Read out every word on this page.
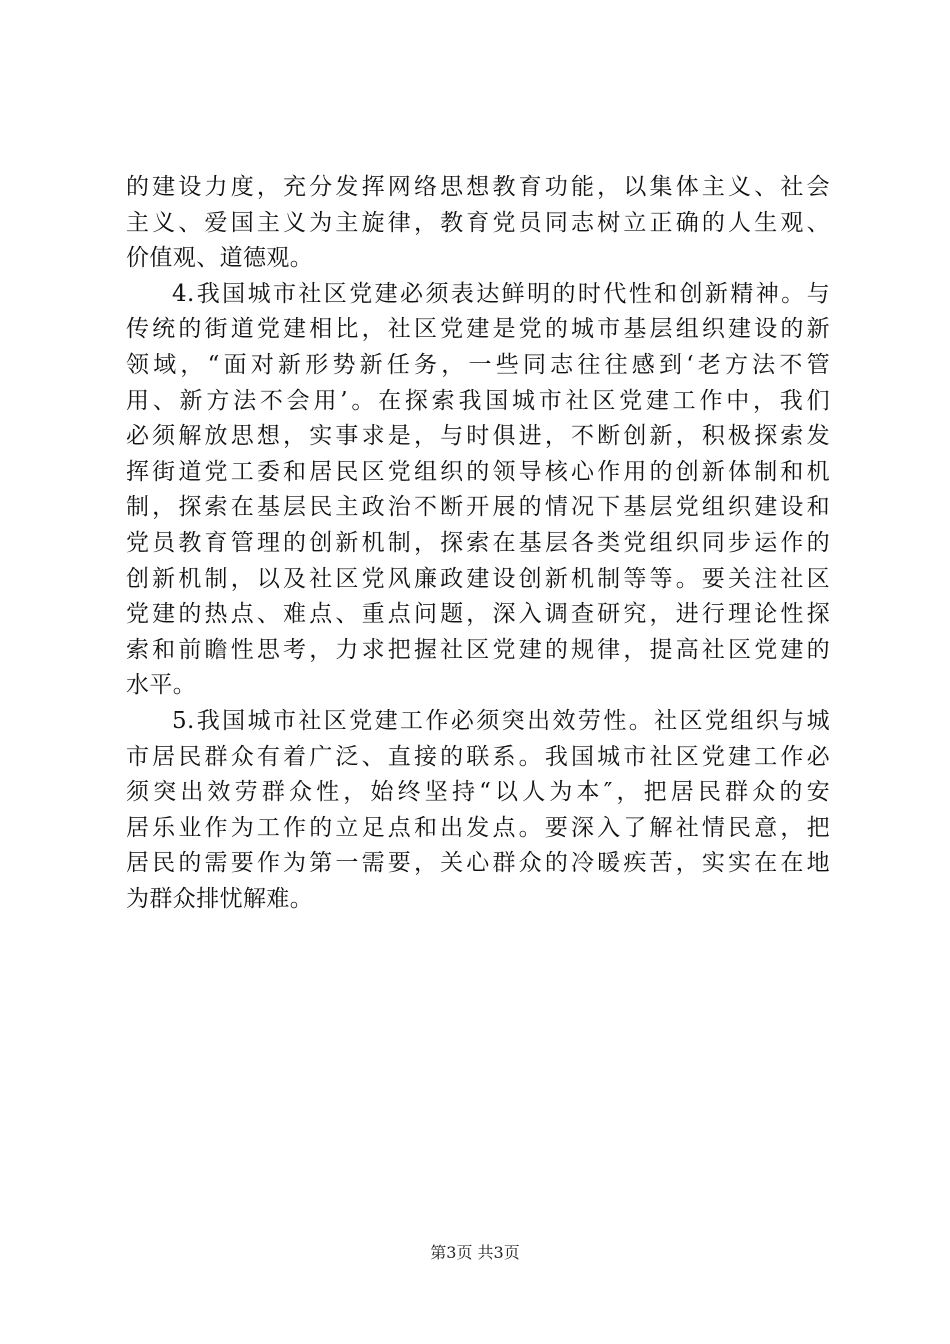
的建设力度，充分发挥网络思想教育功能，以集体主义、社会
主义、爱国主义为主旋律，教育党员同志树立正确的人生观、
价值观、道德观。
4.我国城市社区党建必须表达鲜明的时代性和创新精神。与
传统的街道党建相比，社区党建是党的城市基层组织建设的新
领域，“面对新形势新任务，一些同志往往感到‘老方法不管
用、新方法不会用’。在探索我国城市社区党建工作中，我们
必须解放思想，实事求是，与时俱进，不断创新，积极探索发
挥街道党工委和居民区党组织的领导核心作用的创新体制和机
制，探索在基层民主政治不断开展的情况下基层党组织建设和
党员教育管理的创新机制，探索在基层各类党组织同步运作的
创新机制，以及社区党风廉政建设创新机制等等。要关注社区
党建的热点、难点、重点问题，深入调查研究，进行理论性探
索和前瞻性思考，力求把握社区党建的规律，提高社区党建的
水平。
5.我国城市社区党建工作必须突出效劳性。社区党组织与城
市居民群众有着广泛、直接的联系。我国城市社区党建工作必
须突出效劳群众性，始终坚持“以人为本″，把居民群众的安
居乐业作为工作的立足点和出发点。要深入了解社情民意，把
居民的需要作为第一需要，关心群众的冷暖疾苦，实实在在地
为群众排忧解难。
第3页 共3页
